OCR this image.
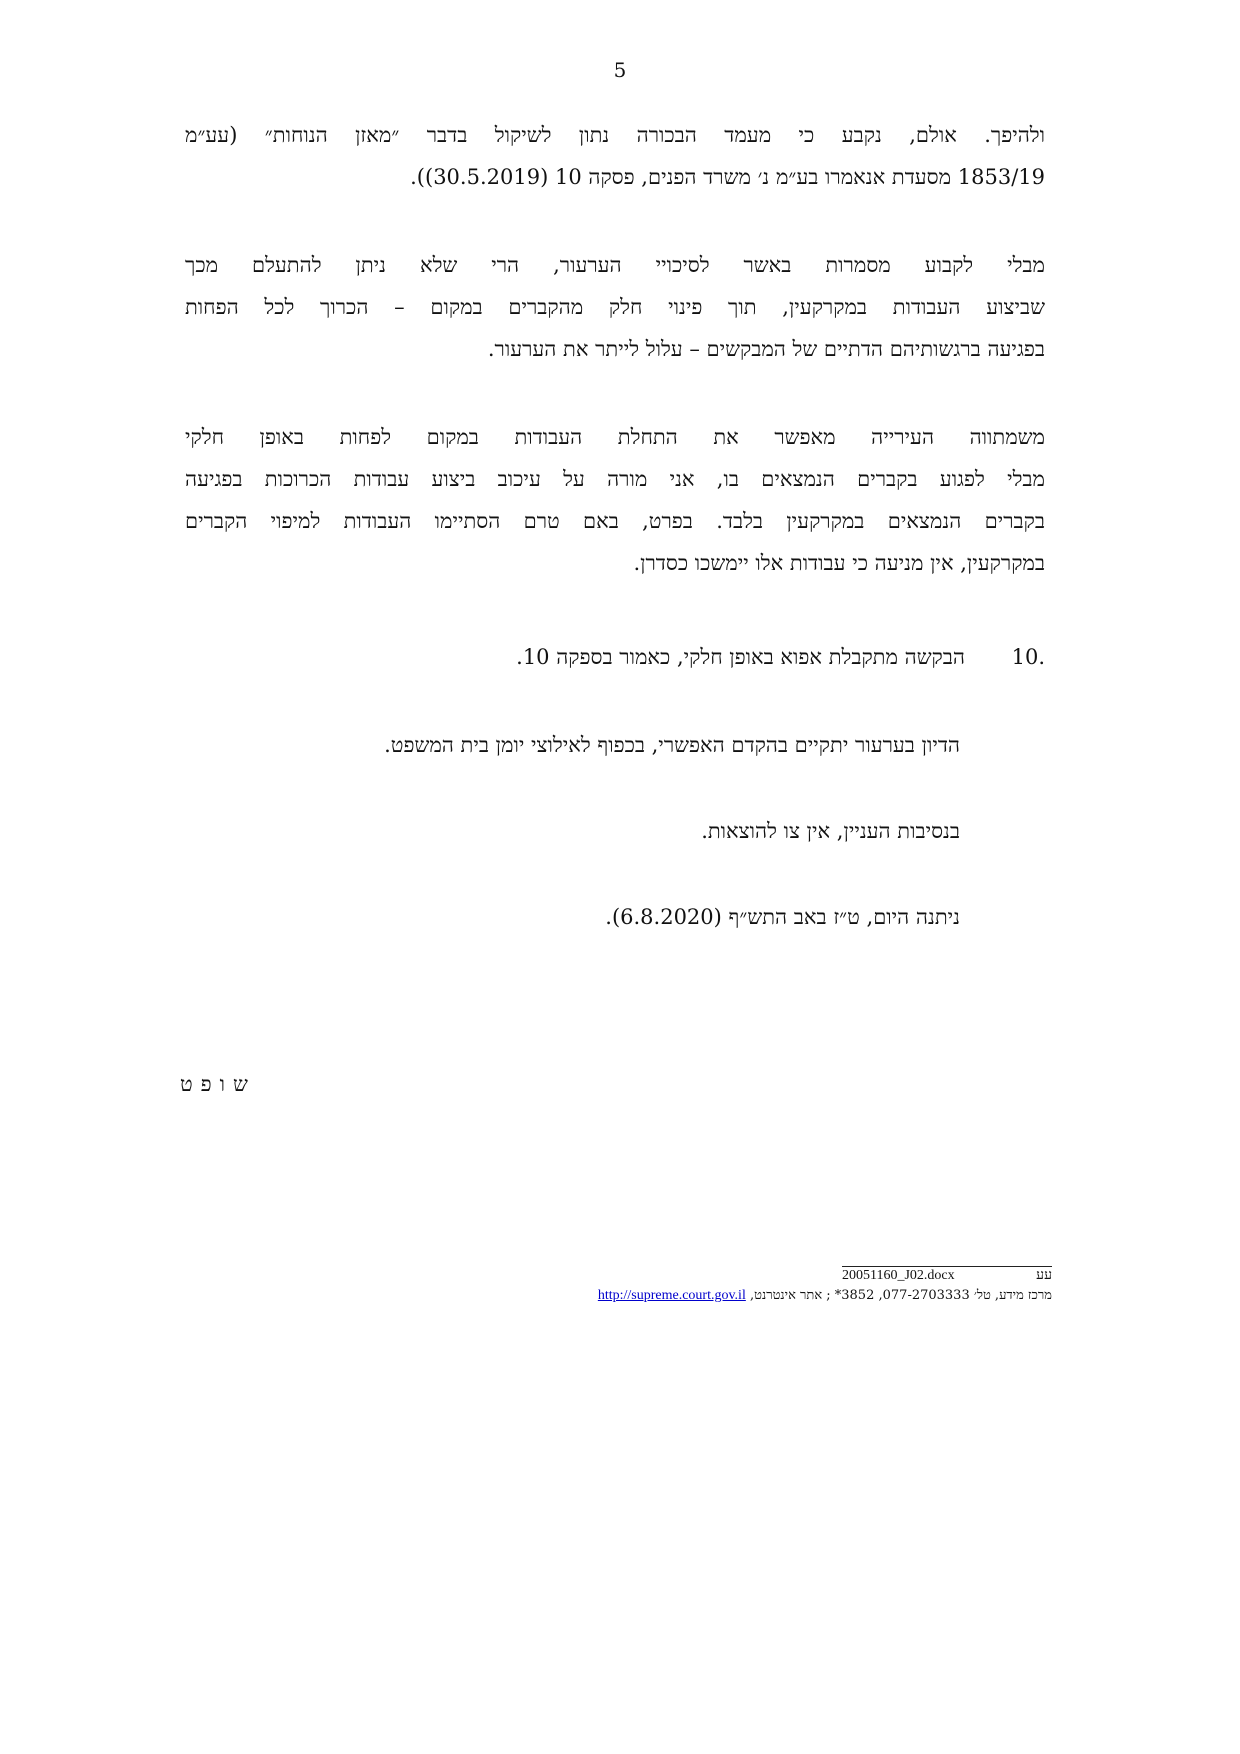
5
ולהיפך. אולם, נקבע כי מעמד הבכורה נתון לשיקול בדבר ״מאזן הנוחות״ (עע״מ
1853/19 מסעדת אנאמרו בע״מ נ׳ משרד הפנים, פסקה 10 (30.5.2019)).
מבלי לקבוע מסמרות באשר לסיכויי הערעור, הרי שלא ניתן להתעלם מכך
שביצוע העבודות במקרקעין, תוך פינוי חלק מהקברים במקום – הכרוך לכל הפחות
בפגיעה ברגשותיהם הדתיים של המבקשים – עלול לייתר את הערעור.
משמתווה העירייה מאפשר את התחלת העבודות במקום לפחות באופן חלקי
מבלי לפגוע בקברים הנמצאים בו, אני מורה על עיכוב ביצוע עבודות הכרוכות בפגיעה
בקברים הנמצאים במקרקעין בלבד. בפרט, באם טרם הסתיימו העבודות למיפוי הקברים
במקרקעין, אין מניעה כי עבודות אלו יימשכו כסדרן.
.10
הבקשה מתקבלת אפוא באופן חלקי, כאמור בספקה 10.
הדיון בערעור יתקיים בהקדם האפשרי, בכפוף לאילוצי יומן בית המשפט.
בנסיבות העניין, אין צו להוצאות.
ניתנה היום, ט״ז באב התש״ף (6.8.2020).
שופט
20051160_J02.docx	עע
מרכז מידע, טל׳ 077-2703333, 3852* ; אתר אינטרנט, http://supreme.court.gov.il
